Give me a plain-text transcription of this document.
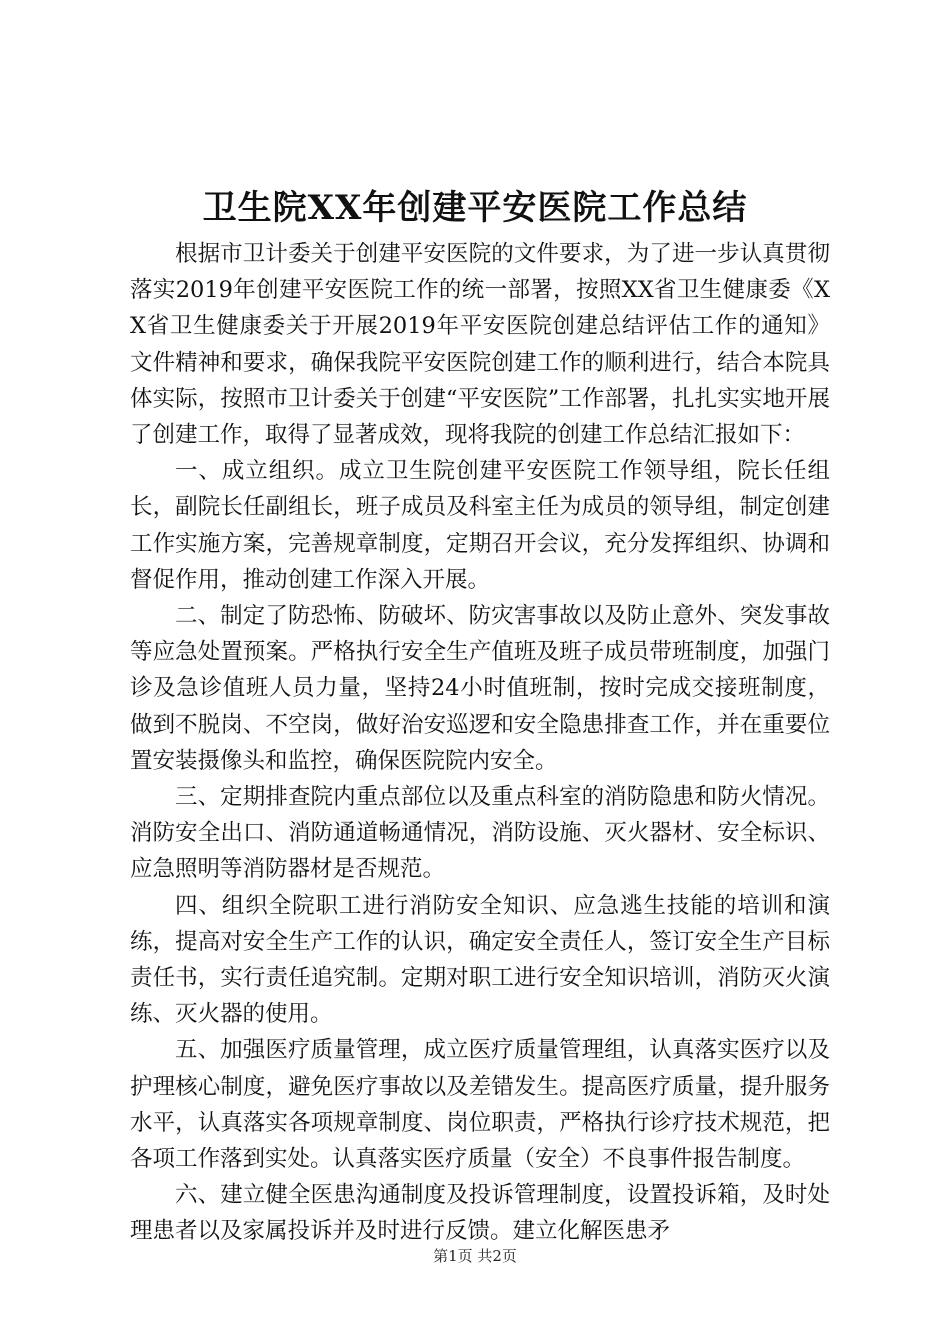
卫生院XX年创建平安医院工作总结

根据市卫计委关于创建平安医院的文件要求，为了进一步认真贯彻落实2019年创建平安医院工作的统一部署，按照XX省卫生健康委《XX省卫生健康委关于开展2019年平安医院创建总结评估工作的通知》文件精神和要求，确保我院平安医院创建工作的顺利进行，结合本院具体实际，按照市卫计委关于创建“平安医院”工作部署，扎扎实实地开展了创建工作，取得了显著成效，现将我院的创建工作总结汇报如下：

一、成立组织。成立卫生院创建平安医院工作领导组，院长任组长，副院长任副组长，班子成员及科室主任为成员的领导组，制定创建工作实施方案，完善规章制度，定期召开会议，充分发挥组织、协调和督促作用，推动创建工作深入开展。

二、制定了防恐怖、防破坏、防灾害事故以及防止意外、突发事故等应急处置预案。严格执行安全生产值班及班子成员带班制度，加强门诊及急诊值班人员力量，坚持24小时值班制，按时完成交接班制度，做到不脱岗、不空岗，做好治安巡逻和安全隐患排查工作，并在重要位置安装摄像头和监控，确保医院院内安全。

三、定期排查院内重点部位以及重点科室的消防隐患和防火情况。消防安全出口、消防通道畅通情况，消防设施、灭火器材、安全标识、应急照明等消防器材是否规范。

四、组织全院职工进行消防安全知识、应急逃生技能的培训和演练，提高对安全生产工作的认识，确定安全责任人，签订安全生产目标责任书，实行责任追究制。定期对职工进行安全知识培训，消防灭火演练、灭火器的使用。

五、加强医疗质量管理，成立医疗质量管理组，认真落实医疗以及护理核心制度，避免医疗事故以及差错发生。提高医疗质量，提升服务水平，认真落实各项规章制度、岗位职责，严格执行诊疗技术规范，把各项工作落到实处。认真落实医疗质量（安全）不良事件报告制度。

六、建立健全医患沟通制度及投诉管理制度，设置投诉箱，及时处理患者以及家属投诉并及时进行反馈。建立化解医患矛

第1页 共2页
